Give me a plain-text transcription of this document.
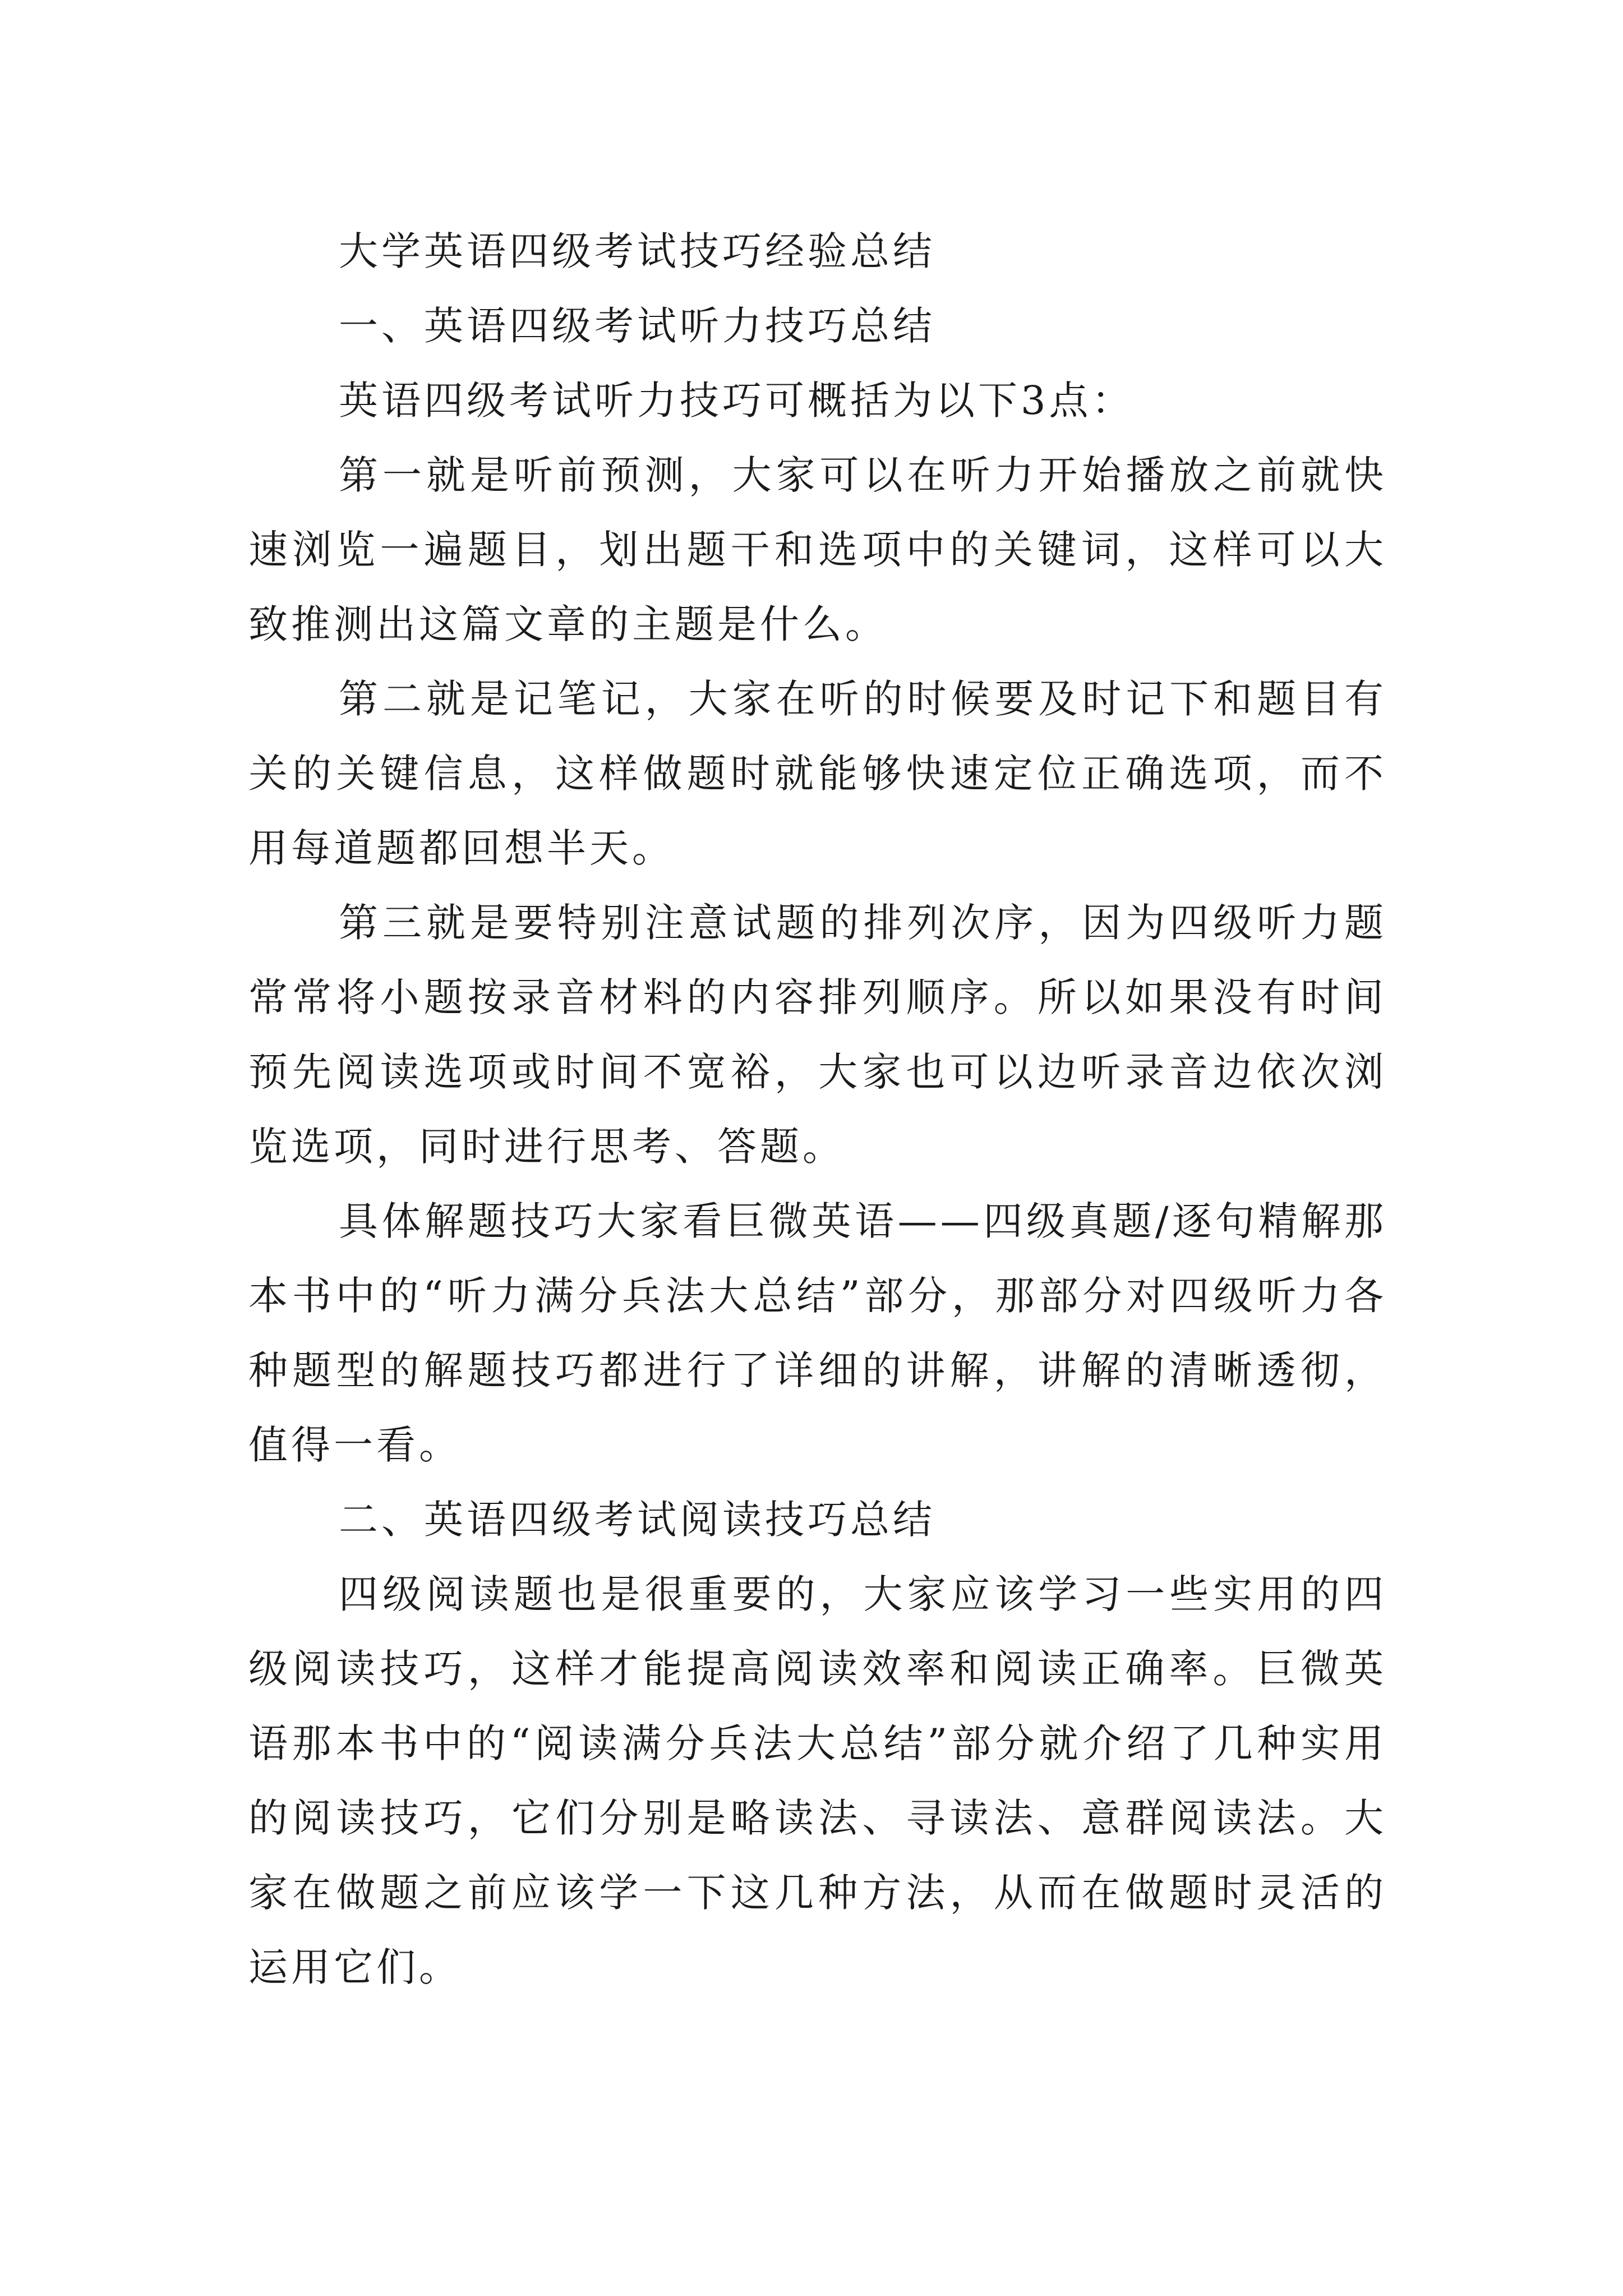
大学英语四级考试技巧经验总结

一、英语四级考试听力技巧总结

英语四级考试听力技巧可概括为以下3点：

第一就是听前预测，大家可以在听力开始播放之前就快速浏览一遍题目，划出题干和选项中的关键词，这样可以大致推测出这篇文章的主题是什么。

第二就是记笔记，大家在听的时候要及时记下和题目有关的关键信息，这样做题时就能够快速定位正确选项，而不用每道题都回想半天。

第三就是要特别注意试题的排列次序，因为四级听力题常常将小题按录音材料的内容排列顺序。所以如果没有时间预先阅读选项或时间不宽裕，大家也可以边听录音边依次浏览选项，同时进行思考、答题。

具体解题技巧大家看巨微英语——四级真题/逐句精解那本书中的“听力满分兵法大总结”部分，那部分对四级听力各种题型的解题技巧都进行了详细的讲解，讲解的清晰透彻，值得一看。

二、英语四级考试阅读技巧总结

四级阅读题也是很重要的，大家应该学习一些实用的四级阅读技巧，这样才能提高阅读效率和阅读正确率。巨微英语那本书中的“阅读满分兵法大总结”部分就介绍了几种实用的阅读技巧，它们分别是略读法、寻读法、意群阅读法。大家在做题之前应该学一下这几种方法，从而在做题时灵活的运用它们。
